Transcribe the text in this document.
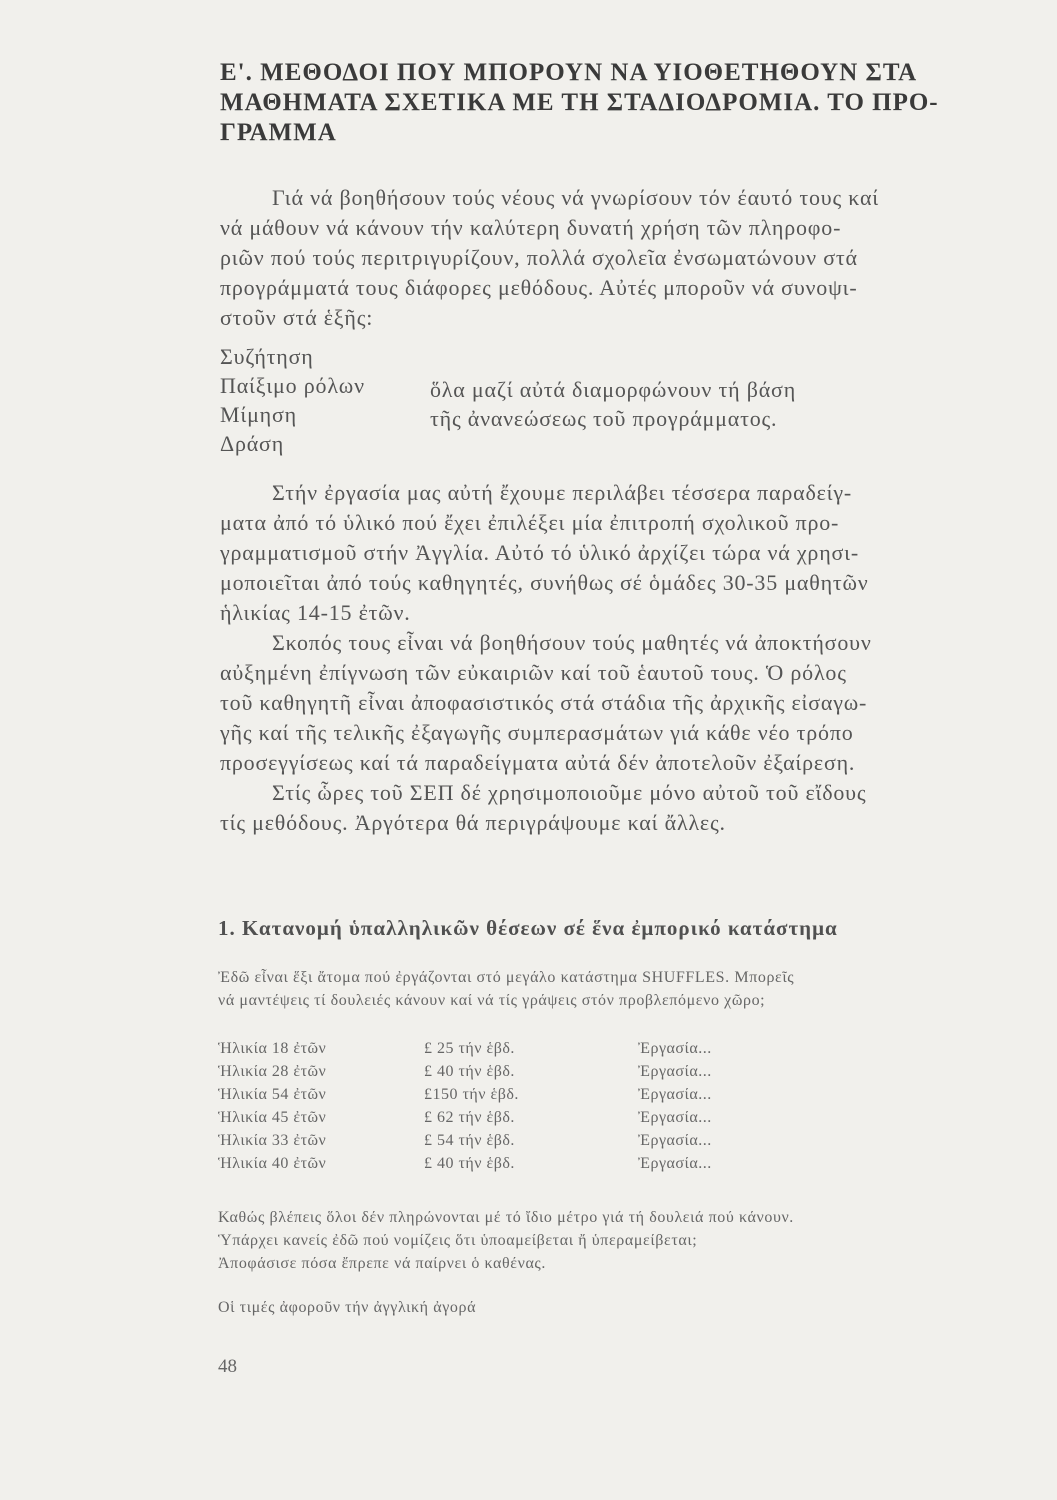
Ε'. ΜΕΘΟΔΟΙ ΠΟΥ ΜΠΟΡΟΥΝ ΝΑ ΥΙΟΘΕΤΗΘΟΥΝ ΣΤΑ
ΜΑΘΗΜΑΤΑ ΣΧΕΤΙΚΑ ΜΕ ΤΗ ΣΤΑΔΙΟΔΡΟΜΙΑ. ΤΟ ΠΡΟ-
ΓΡΑΜΜΑ
Γιά νά βοηθήσουν τούς νέους νά γνωρίσουν τόν έαυτό τους καί
νά μάθουν νά κάνουν τήν καλύτερη δυνατή χρήση τῶν πληροφο-
ριῶν πού τούς περιτριγυρίζουν, πολλά σχολεῖα ἐνσωματώνουν στά
προγράμματά τους διάφορες μεθόδους. Αὐτές μποροῦν νά συνοψι-
στοῦν στά ἑξῆς:
Συζήτηση
Παίξιμο ρόλων
Μίμηση
Δράση
ὅλα μαζί αὐτά διαμορφώνουν τή βάση
τῆς ἀνανεώσεως τοῦ προγράμματος.
Στήν ἐργασία μας αὐτή ἔχουμε περιλάβει τέσσερα παραδείγ-
ματα ἀπό τό ὑλικό πού ἔχει ἐπιλέξει μία ἐπιτροπή σχολικοῦ προ-
γραμματισμοῦ στήν Ἀγγλία. Αὐτό τό ὑλικό ἀρχίζει τώρα νά χρησι-
μοποιεῖται ἀπό τούς καθηγητές, συνήθως σέ ὁμάδες 30-35 μαθητῶν
ἡλικίας 14-15 ἐτῶν.
Σκοπός τους εἶναι νά βοηθήσουν τούς μαθητές νά ἀποκτήσουν
αὐξημένη ἐπίγνωση τῶν εὐκαιριῶν καί τοῦ ἑαυτοῦ τους. Ὁ ρόλος
τοῦ καθηγητῆ εἶναι ἀποφασιστικός στά στάδια τῆς ἀρχικῆς εἰσαγω-
γῆς καί τῆς τελικῆς ἐξαγωγῆς συμπερασμάτων γιά κάθε νέο τρόπο
προσεγγίσεως καί τά παραδείγματα αὐτά δέν ἀποτελοῦν ἐξαίρεση.
Στίς ὧρες τοῦ ΣΕΠ δέ χρησιμοποιοῦμε μόνο αὐτοῦ τοῦ εἴδους
τίς μεθόδους. Ἀργότερα θά περιγράψουμε καί ἄλλες.
1. Κατανομή ὑπαλληλικῶν θέσεων σέ ἕνα ἐμπορικό κατάστημα
Ἐδῶ εἶναι ἕξι ἄτομα πού ἐργάζονται στό μεγάλο κατάστημα SHUFFLES. Μπορεῖς
νά μαντέψεις τί δουλειές κάνουν καί νά τίς γράψεις στόν προβλεπόμενο χῶρο;
Ἡλικία 18 ἐτῶν	£ 25 τήν ἑβδ.	Ἐργασία...
Ἡλικία 28 ἐτῶν	£ 40 τήν ἑβδ.	Ἐργασία...
Ἡλικία 54 ἐτῶν	£150 τήν ἑβδ.	Ἐργασία...
Ἡλικία 45 ἐτῶν	£ 62 τήν ἑβδ.	Ἐργασία...
Ἡλικία 33 ἐτῶν	£ 54 τήν ἑβδ.	Ἐργασία...
Ἡλικία 40 ἐτῶν	£ 40 τήν ἑβδ.	Ἐργασία...
Καθώς βλέπεις ὅλοι δέν πληρώνονται μέ τό ἴδιο μέτρο γιά τή δουλειά πού κάνουν.
Ὑπάρχει κανείς ἐδῶ πού νομίζεις ὅτι ὑποαμείβεται ἤ ὑπεραμείβεται;
Ἀποφάσισε πόσα ἔπρεπε νά παίρνει ὁ καθένας.
Οἱ τιμές ἀφοροῦν τήν ἀγγλική ἀγορά
48
